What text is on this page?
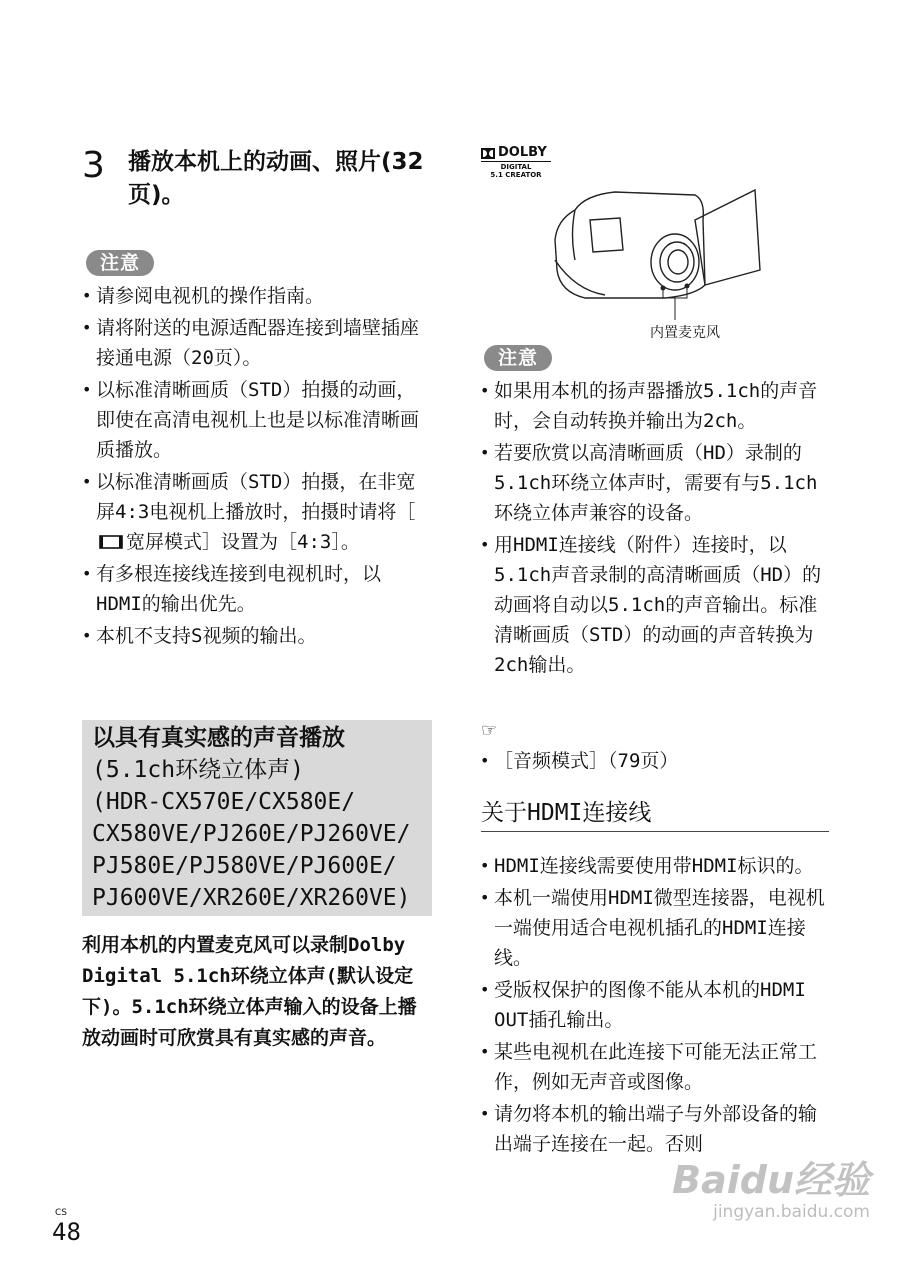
3 播放本机上的动画、照片(32页)。
注意
• 请参阅电视机的操作指南。
• 请将附送的电源适配器连接到墙壁插座接通电源（20页）。
• 以标准清晰画质（STD）拍摄的动画，即使在高清电视机上也是以标准清晰画质播放。
• 以标准清晰画质（STD）拍摄，在非宽屏4:3电视机上播放时，拍摄时请将［宽屏模式］设置为［4:3］。
• 有多根连接线连接到电视机时，以HDMI的输出优先。
• 本机不支持S视频的输出。
以具有真实感的声音播放
(5.1ch环绕立体声)
(HDR-CX570E/CX580E/
CX580VE/PJ260E/PJ260VE/
PJ580E/PJ580VE/PJ600E/
PJ600VE/XR260E/XR260VE)
利用本机的内置麦克风可以录制Dolby Digital 5.1ch环绕立体声(默认设定下)。5.1ch环绕立体声输入的设备上播放动画时可欣赏具有真实感的声音。
DOLBY
DIGITAL
5.1 CREATOR
内置麦克风
注意
• 如果用本机的扬声器播放5.1ch的声音时，会自动转换并输出为2ch。
• 若要欣赏以高清晰画质（HD）录制的5.1ch环绕立体声时，需要有与5.1ch环绕立体声兼容的设备。
• 用HDMI连接线（附件）连接时，以5.1ch声音录制的高清晰画质（HD）的动画将自动以5.1ch的声音输出。标准清晰画质（STD）的动画的声音转换为2ch输出。
☞
• ［音频模式］（79页）
关于HDMI连接线
• HDMI连接线需要使用带HDMI标识的。
• 本机一端使用HDMI微型连接器，电视机一端使用适合电视机插孔的HDMI连接线。
• 受版权保护的图像不能从本机的HDMI OUT插孔输出。
• 某些电视机在此连接下可能无法正常工作，例如无声音或图像。
• 请勿将本机的输出端子与外部设备的输出端子连接在一起。否则
CS
48
Baidu经验
jingyan.baidu.com
